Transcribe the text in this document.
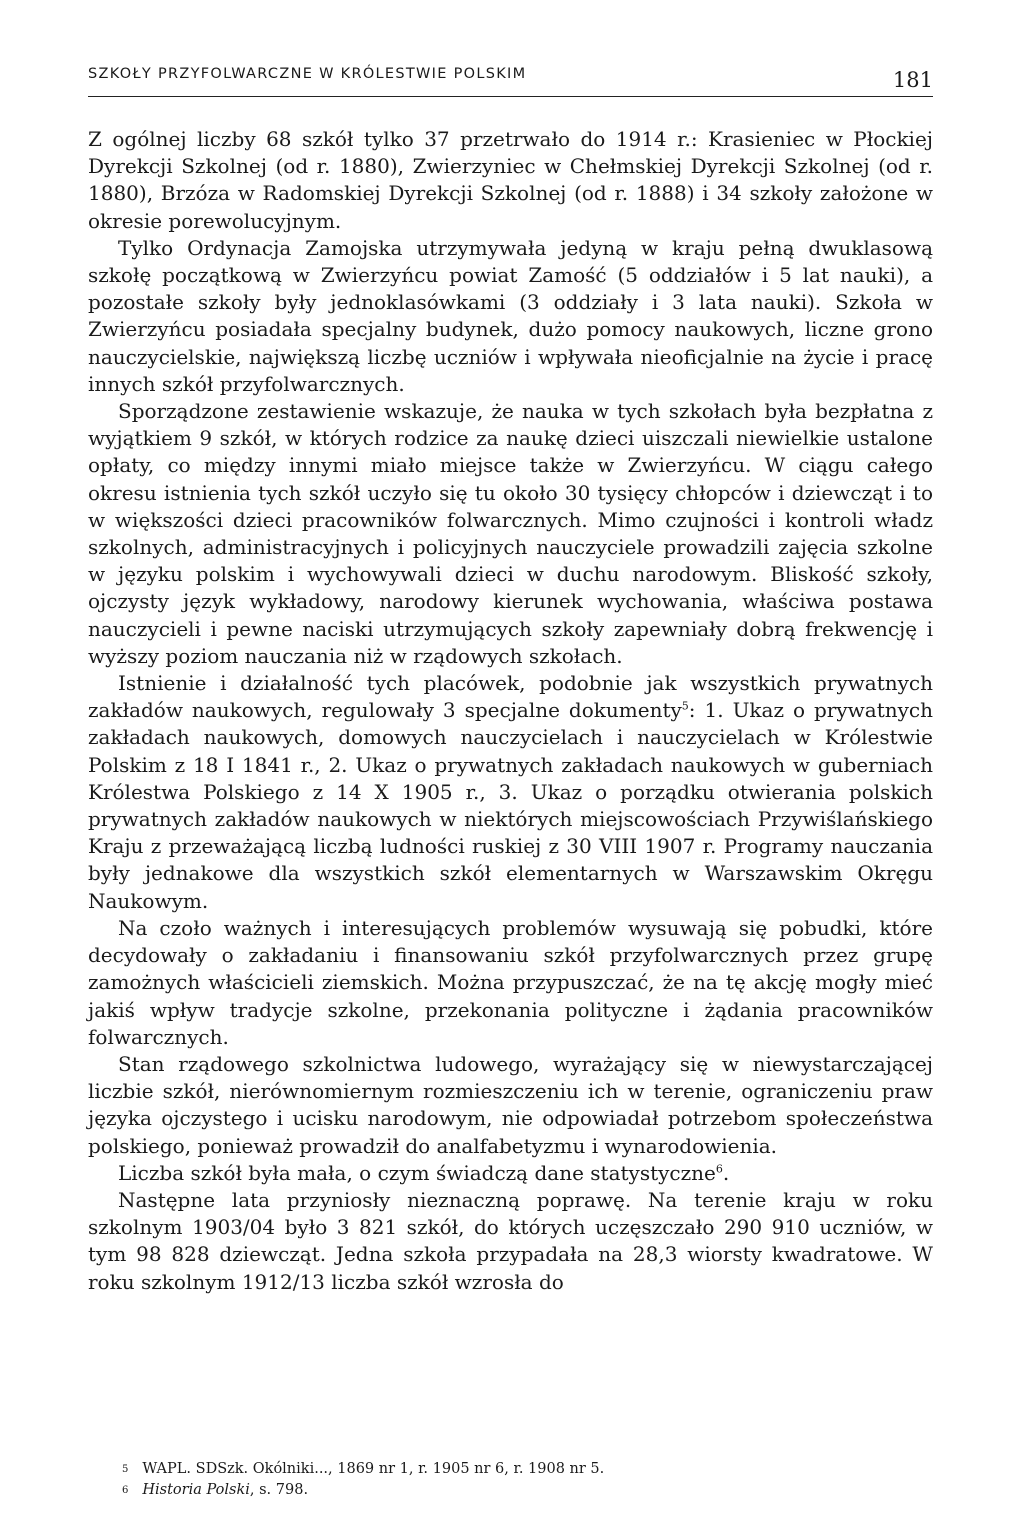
SZKOŁY PRZYFOLWARCZNE W KRÓLESTWIE POLSKIM	181

Z ogólnej liczby 68 szkół tylko 37 przetrwało do 1914 r.: Krasieniec w Płockiej Dyrekcji Szkolnej (od r. 1880), Zwierzyniec w Chełmskiej Dyrekcji Szkolnej (od r. 1880), Brzóza w Radomskiej Dyrekcji Szkolnej (od r. 1888) i 34 szkoły założone w okresie porewolucyjnym.

Tylko Ordynacja Zamojska utrzymywała jedyną w kraju pełną dwuklasową szkołę początkową w Zwierzyńcu powiat Zamość (5 oddziałów i 5 lat nauki), a pozostałe szkoły były jednoklasówkami (3 oddziały i 3 lata nauki). Szkoła w Zwierzyńcu posiadała specjalny budynek, dużo pomocy naukowych, liczne grono nauczycielskie, największą liczbę uczniów i wpływała nieoficjalnie na życie i pracę innych szkół przyfolwarcznych.

Sporządzone zestawienie wskazuje, że nauka w tych szkołach była bezpłatna z wyjątkiem 9 szkół, w których rodzice za naukę dzieci uiszczali niewielkie ustalone opłaty, co między innymi miało miejsce także w Zwierzyńcu. W ciągu całego okresu istnienia tych szkół uczyło się tu około 30 tysięcy chłopców i dziewcząt i to w większości dzieci pracowników folwarcznych. Mimo czujności i kontroli władz szkolnych, administracyjnych i policyjnych nauczyciele prowadzili zajęcia szkolne w języku polskim i wychowywali dzieci w duchu narodowym. Bliskość szkoły, ojczysty język wykładowy, narodowy kierunek wychowania, właściwa postawa nauczycieli i pewne naciski utrzymujących szkoły zapewniały dobrą frekwencję i wyższy poziom nauczania niż w rządowych szkołach.

Istnienie i działalność tych placówek, podobnie jak wszystkich prywatnych zakładów naukowych, regulowały 3 specjalne dokumenty$^5$: 1. Ukaz o prywatnych zakładach naukowych, domowych nauczycielach i nauczycielach w Królestwie Polskim z 18 I 1841 r., 2. Ukaz o prywatnych zakładach naukowych w guberniach Królestwa Polskiego z 14 X 1905 r., 3. Ukaz o porządku otwierania polskich prywatnych zakładów naukowych w niektórych miejscowościach Przywiślańskiego Kraju z przeważającą liczbą ludności ruskiej z 30 VIII 1907 r. Programy nauczania były jednakowe dla wszystkich szkół elementarnych w Warszawskim Okręgu Naukowym.

Na czoło ważnych i interesujących problemów wysuwają się pobudki, które decydowały o zakładaniu i finansowaniu szkół przyfolwarcznych przez grupę zamożnych właścicieli ziemskich. Można przypuszczać, że na tę akcję mogły mieć jakiś wpływ tradycje szkolne, przekonania polityczne i żądania pracowników folwarcznych.

Stan rządowego szkolnictwa ludowego, wyrażający się w niewystarczającej liczbie szkół, nierównomiernym rozmieszczeniu ich w terenie, ograniczeniu praw języka ojczystego i ucisku narodowym, nie odpowiadał potrzebom społeczeństwa polskiego, ponieważ prowadził do analfabetyzmu i wynarodowienia.

Liczba szkół była mała, o czym świadczą dane statystyczne$^6$.

Następne lata przyniosły nieznaczną poprawę. Na terenie kraju w roku szkolnym 1903/04 było 3 821 szkół, do których uczęszczało 290 910 uczniów, w tym 98 828 dziewcząt. Jedna szkoła przypadała na 28,3 wiorsty kwadratowe. W roku szkolnym 1912/13 liczba szkół wzrosła do

$^5$ WAPL. SDSzk. Okólniki..., 1869 nr 1, r. 1905 nr 6, r. 1908 nr 5.
$^6$ Historia Polski, s. 798.
